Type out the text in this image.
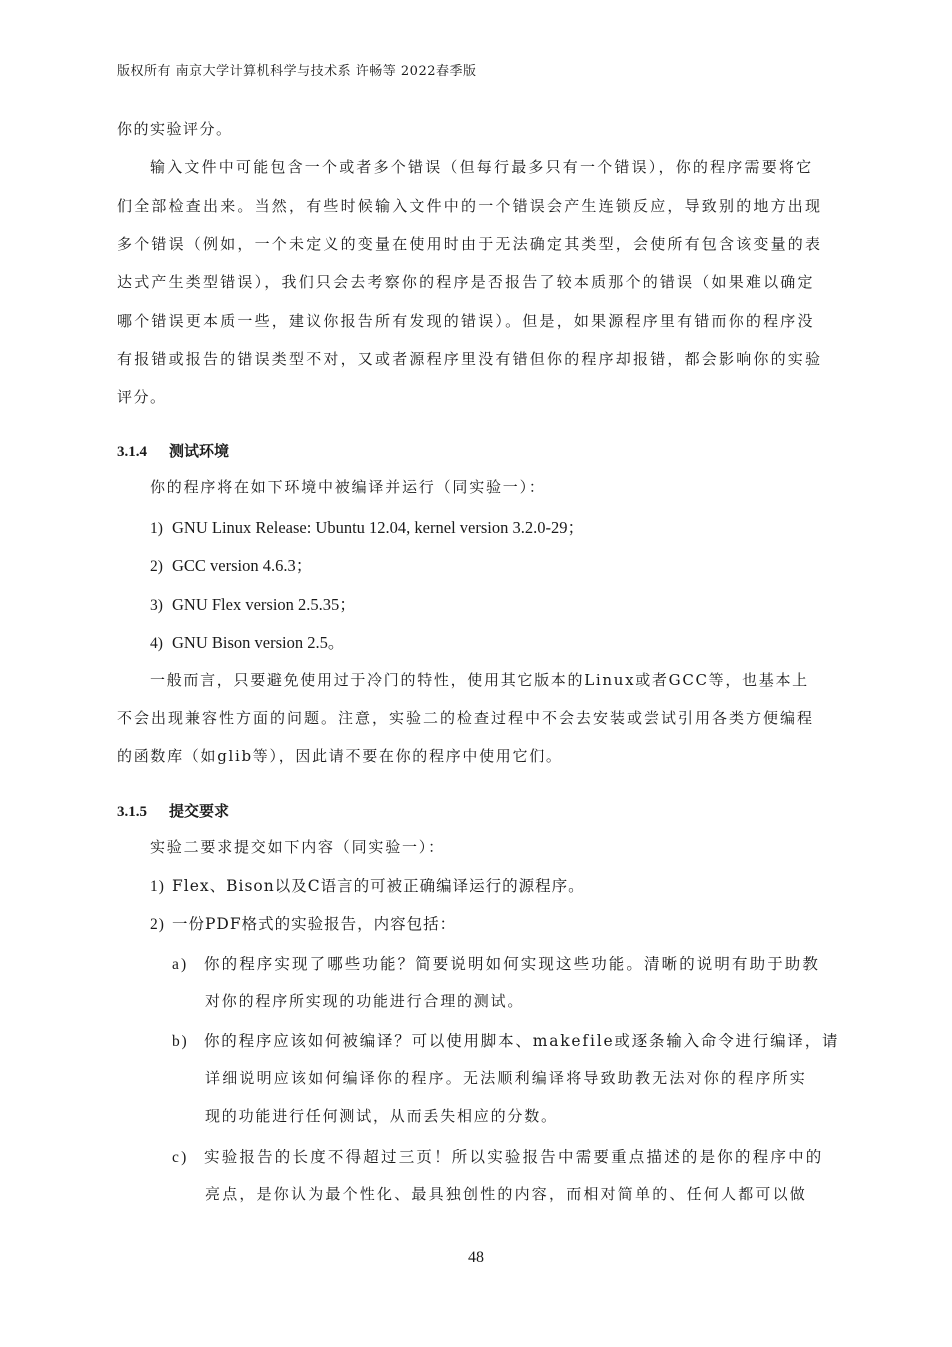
版权所有 南京大学计算机科学与技术系 许畅等 2022春季版
你的实验评分。
输入文件中可能包含一个或者多个错误（但每行最多只有一个错误），你的程序需要将它
们全部检查出来。当然，有些时候输入文件中的一个错误会产生连锁反应，导致别的地方出现
多个错误（例如，一个未定义的变量在使用时由于无法确定其类型，会使所有包含该变量的表
达式产生类型错误），我们只会去考察你的程序是否报告了较本质那个的错误（如果难以确定
哪个错误更本质一些，建议你报告所有发现的错误）。但是，如果源程序里有错而你的程序没
有报错或报告的错误类型不对，又或者源程序里没有错但你的程序却报错，都会影响你的实验
评分。
3.1.4 测试环境
你的程序将在如下环境中被编译并运行（同实验一）：
1) GNU Linux Release: Ubuntu 12.04, kernel version 3.2.0-29；
2) GCC version 4.6.3；
3) GNU Flex version 2.5.35；
4) GNU Bison version 2.5。
一般而言，只要避免使用过于冷门的特性，使用其它版本的Linux或者GCC等，也基本上
不会出现兼容性方面的问题。注意，实验二的检查过程中不会去安装或尝试引用各类方便编程
的函数库（如glib等），因此请不要在你的程序中使用它们。
3.1.5 提交要求
实验二要求提交如下内容（同实验一）：
1) Flex、Bison以及C语言的可被正确编译运行的源程序。
2) 一份PDF格式的实验报告，内容包括：
a) 你的程序实现了哪些功能？简要说明如何实现这些功能。清晰的说明有助于助教
对你的程序所实现的功能进行合理的测试。
b) 你的程序应该如何被编译？可以使用脚本、makefile或逐条输入命令进行编译，请
详细说明应该如何编译你的程序。无法顺利编译将导致助教无法对你的程序所实
现的功能进行任何测试，从而丢失相应的分数。
c) 实验报告的长度不得超过三页！所以实验报告中需要重点描述的是你的程序中的
亮点，是你认为最个性化、最具独创性的内容，而相对简单的、任何人都可以做
48
